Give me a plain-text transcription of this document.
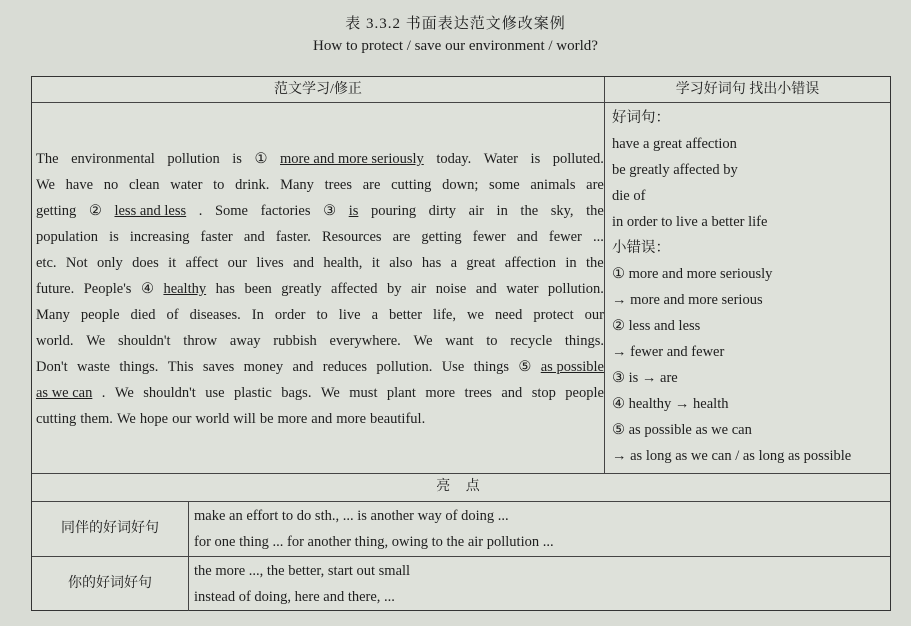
表 3.3.2 书面表达范文修改案例
How to protect / save our environment / world?
范文学习/修正	学习好词句 找出小错误
The environmental pollution is ① more and more seriously today. Water is polluted.
We have no clean water to drink. Many trees are cutting down; some animals are
getting ② less and less . Some factories ③ is pouring dirty air in the sky, the
population is increasing faster and faster. Resources are getting fewer and fewer ...
etc. Not only does it affect our lives and health, it also has a great affection in the
future. People's ④ healthy has been greatly affected by air noise and water pollution.
Many people died of diseases. In order to live a better life, we need protect our
world. We shouldn't throw away rubbish everywhere. We want to recycle things.
Don't waste things. This saves money and reduces pollution. Use things ⑤ as possible
as we can . We shouldn't use plastic bags. We must plant more trees and stop people
cutting them. We hope our world will be more and more beautiful.
好词句：
have a great affection
be greatly affected by
die of
in order to live a better life
小错误：
① more and more seriously
→ more and more serious
② less and less
→ fewer and fewer
③ is → are
④ healthy → health
⑤ as possible as we can
→ as long as we can / as long as possible
亮 点
同伴的好词好句
make an effort to do sth., ... is another way of doing ...
for one thing ... for another thing, owing to the air pollution ...
你的好词好句
the more ..., the better, start out small
instead of doing, here and there, ...
